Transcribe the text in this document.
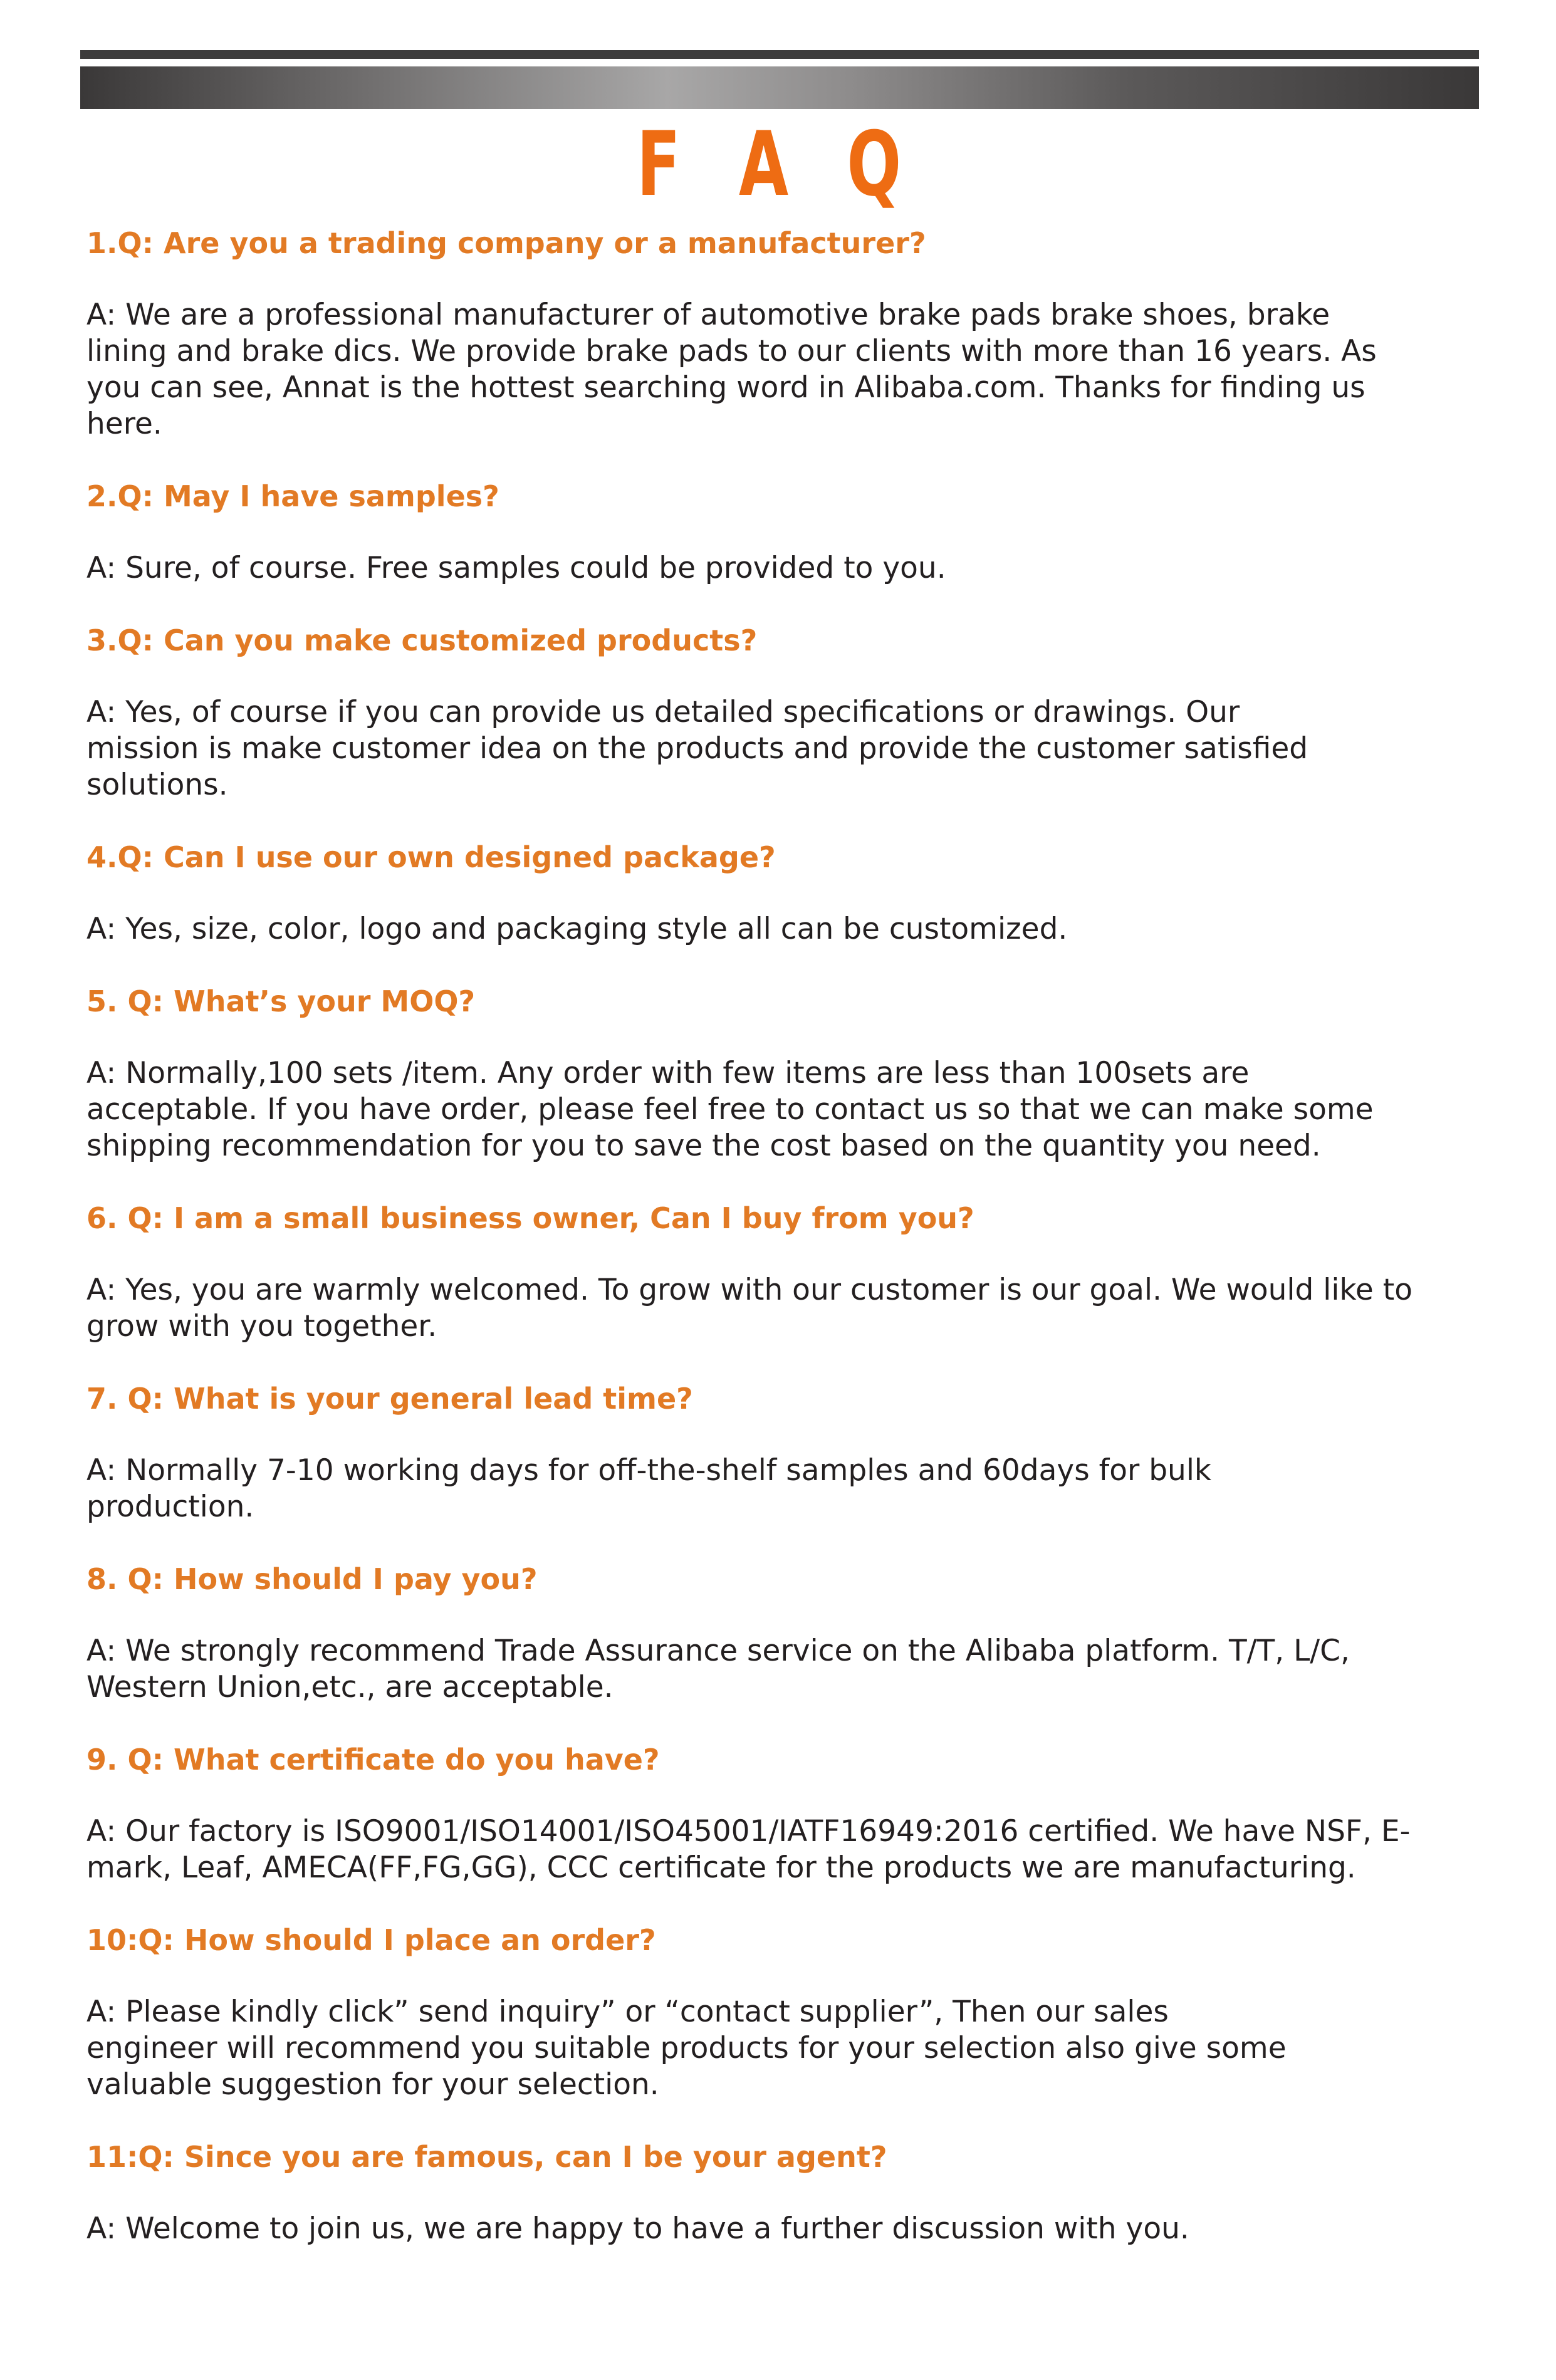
F A Q
1.Q: Are you a trading company or a manufacturer?
A: We are a professional manufacturer of automotive brake pads brake shoes, brake
lining and brake dics. We provide brake pads to our clients with more than 16 years. As
you can see, Annat is the hottest searching word in Alibaba.com. Thanks for finding us
here.
2.Q: May I have samples?
A: Sure, of course. Free samples could be provided to you.
3.Q: Can you make customized products?
A: Yes, of course if you can provide us detailed specifications or drawings. Our
mission is make customer idea on the products and provide the customer satisfied
solutions.
4.Q: Can I use our own designed package?
A: Yes, size, color, logo and packaging style all can be customized.
5. Q: What’s your MOQ?
A: Normally,100 sets /item. Any order with few items are less than 100sets are
acceptable. If you have order, please feel free to contact us so that we can make some
shipping recommendation for you to save the cost based on the quantity you need.
6. Q: I am a small business owner, Can I buy from you?
A: Yes, you are warmly welcomed. To grow with our customer is our goal. We would like to
grow with you together.
7. Q: What is your general lead time?
A: Normally 7-10 working days for off-the-shelf samples and 60days for bulk
production.
8. Q: How should I pay you?
A: We strongly recommend Trade Assurance service on the Alibaba platform. T/T, L/C,
Western Union,etc., are acceptable.
9. Q: What certificate do you have?
A: Our factory is ISO9001/ISO14001/ISO45001/IATF16949:2016 certified. We have NSF, E-
mark, Leaf, AMECA(FF,FG,GG), CCC certificate for the products we are manufacturing.
10:Q: How should I place an order?
A: Please kindly click” send inquiry” or “contact supplier”, Then our sales
engineer will recommend you suitable products for your selection also give some
valuable suggestion for your selection.
11:Q: Since you are famous, can I be your agent?
A: Welcome to join us, we are happy to have a further discussion with you.
